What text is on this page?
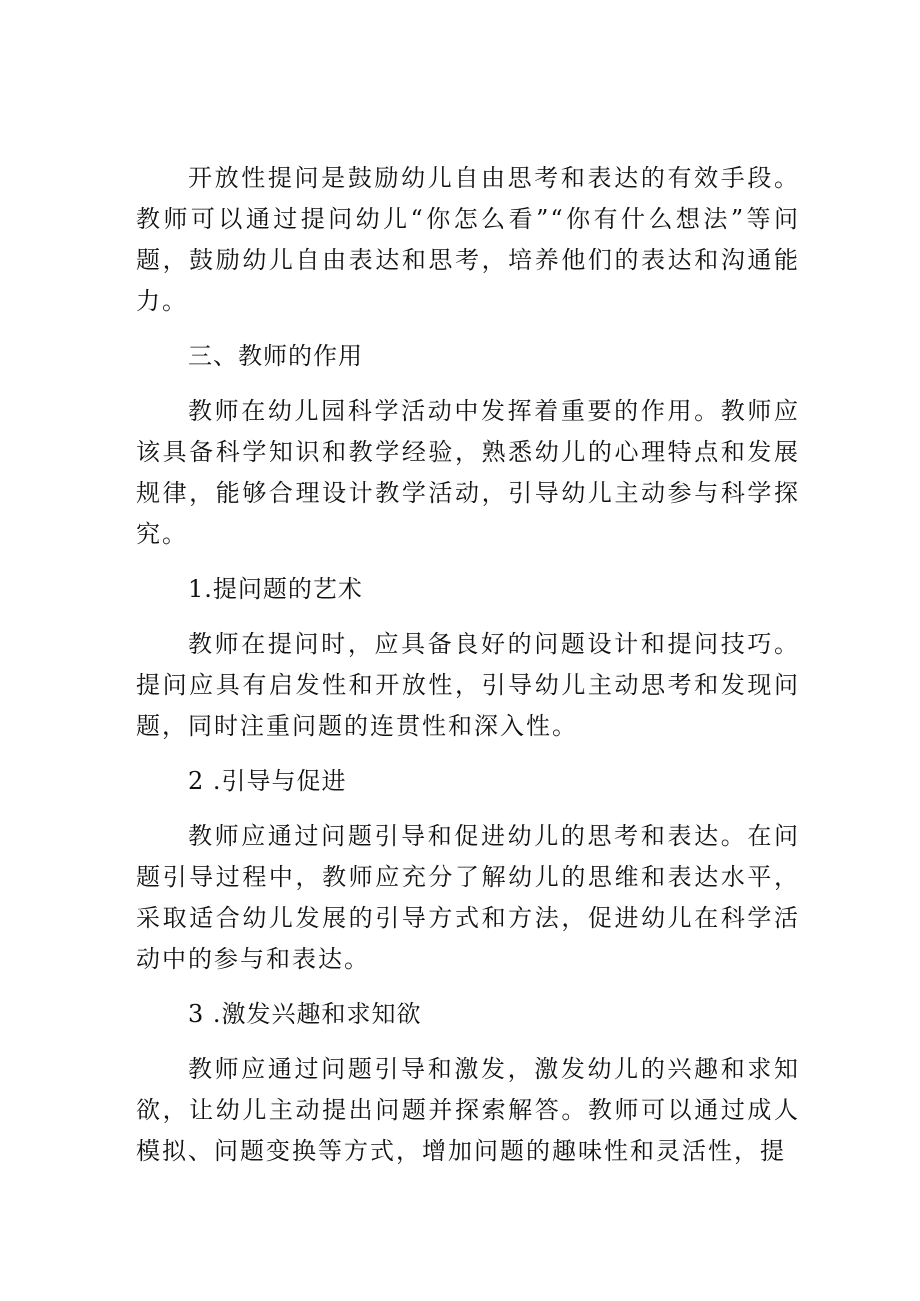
开放性提问是鼓励幼儿自由思考和表达的有效手段。教师可以通过提问幼儿“你怎么看”“你有什么想法”等问题，鼓励幼儿自由表达和思考，培养他们的表达和沟通能力。

三、教师的作用

教师在幼儿园科学活动中发挥着重要的作用。教师应该具备科学知识和教学经验，熟悉幼儿的心理特点和发展规律，能够合理设计教学活动，引导幼儿主动参与科学探究。

1.提问题的艺术

教师在提问时，应具备良好的问题设计和提问技巧。提问应具有启发性和开放性，引导幼儿主动思考和发现问题，同时注重问题的连贯性和深入性。

2 .引导与促进

教师应通过问题引导和促进幼儿的思考和表达。在问题引导过程中，教师应充分了解幼儿的思维和表达水平，采取适合幼儿发展的引导方式和方法，促进幼儿在科学活动中的参与和表达。

3 .激发兴趣和求知欲

教师应通过问题引导和激发，激发幼儿的兴趣和求知欲，让幼儿主动提出问题并探索解答。教师可以通过成人模拟、问题变换等方式，增加问题的趣味性和灵活性，提
